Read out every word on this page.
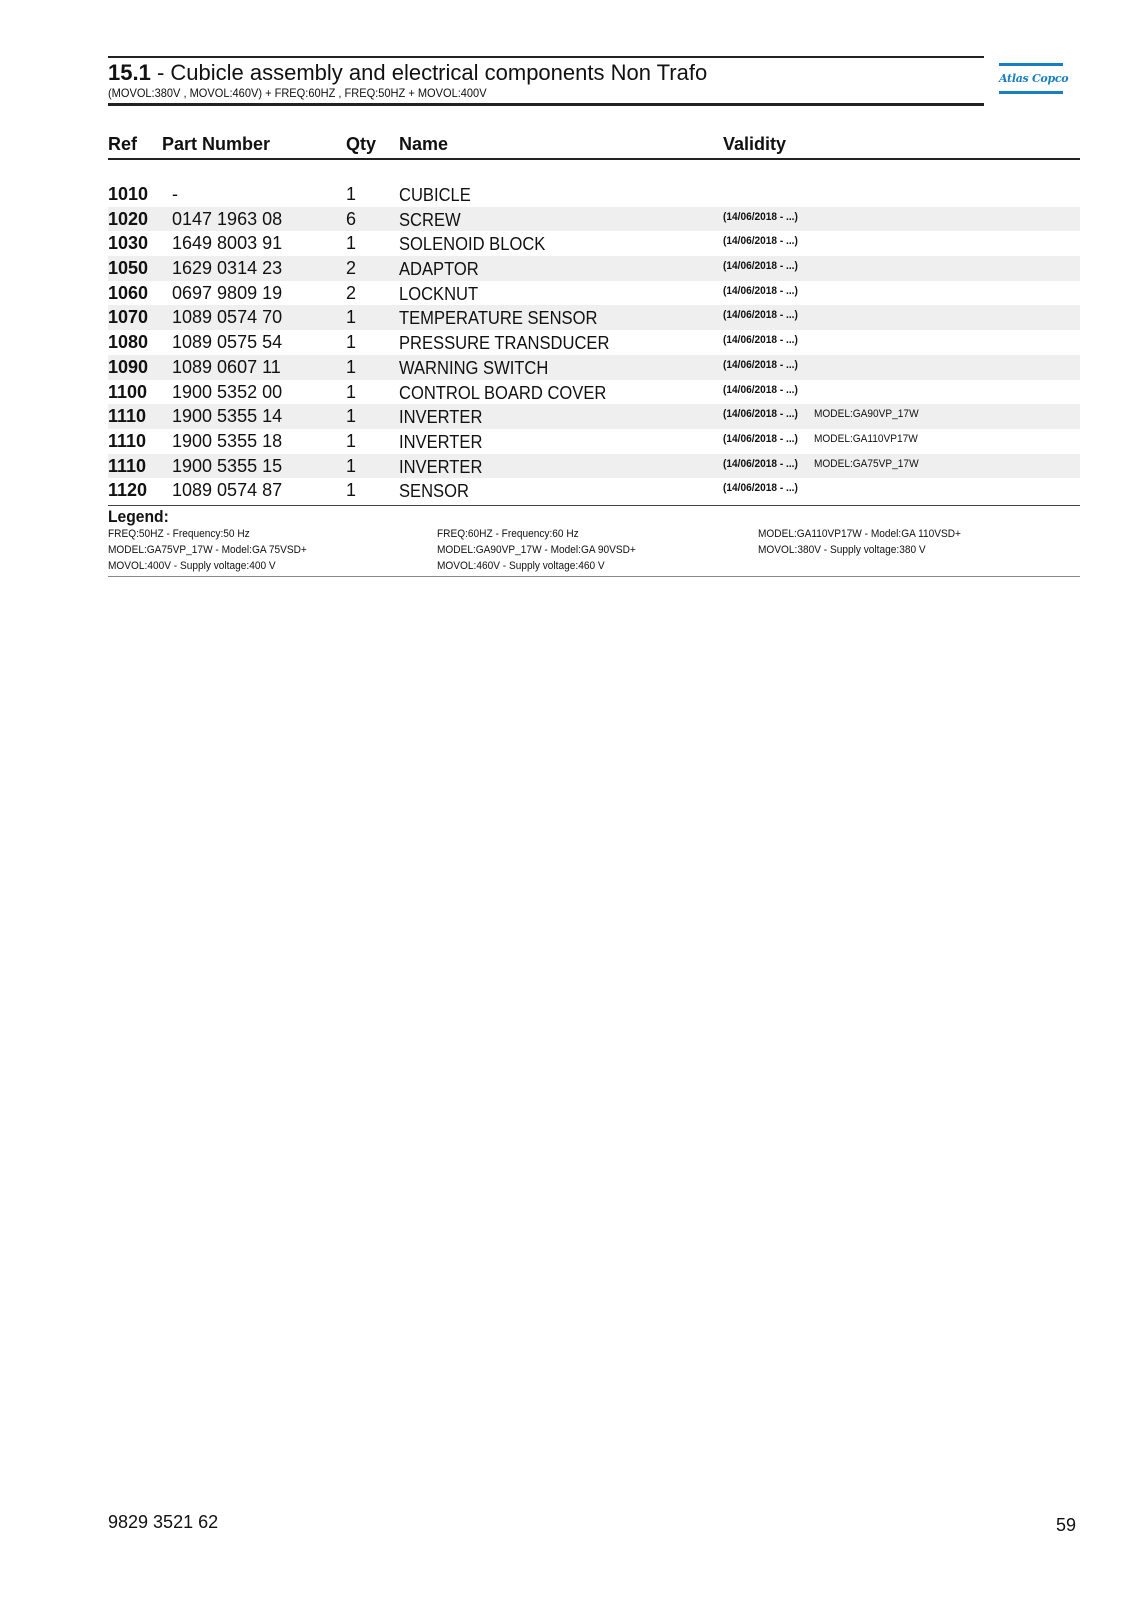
15.1 - Cubicle assembly and electrical components Non Trafo
(MOVOL:380V , MOVOL:460V) + FREQ:60HZ , FREQ:50HZ + MOVOL:400V
Atlas Copco
Ref Part Number	Qty Name	Validity
1010 -	1 CUBICLE
1020 0147 1963 08	6 SCREW	(14/06/2018 - ...)
1030 1649 8003 91	1 SOLENOID BLOCK	(14/06/2018 - ...)
1050 1629 0314 23	2 ADAPTOR	(14/06/2018 - ...)
1060 0697 9809 19	2 LOCKNUT	(14/06/2018 - ...)
1070 1089 0574 70	1 TEMPERATURE SENSOR	(14/06/2018 - ...)
1080 1089 0575 54	1 PRESSURE TRANSDUCER	(14/06/2018 - ...)
1090 1089 0607 11	1 WARNING SWITCH	(14/06/2018 - ...)
1100 1900 5352 00	1 CONTROL BOARD COVER	(14/06/2018 - ...)
1110 1900 5355 14	1 INVERTER	(14/06/2018 - ...) MODEL:GA90VP_17W
1110 1900 5355 18	1 INVERTER	(14/06/2018 - ...) MODEL:GA110VP17W
1110 1900 5355 15	1 INVERTER	(14/06/2018 - ...) MODEL:GA75VP_17W
1120 1089 0574 87	1 SENSOR	(14/06/2018 - ...)
Legend:
FREQ:50HZ - Frequency:50 Hz	FREQ:60HZ - Frequency:60 Hz	MODEL:GA110VP17W - Model:GA 110VSD+
MODEL:GA75VP_17W - Model:GA 75VSD+	MODEL:GA90VP_17W - Model:GA 90VSD+	MOVOL:380V - Supply voltage:380 V
MOVOL:400V - Supply voltage:400 V	MOVOL:460V - Supply voltage:460 V
9829 3521 62	59
